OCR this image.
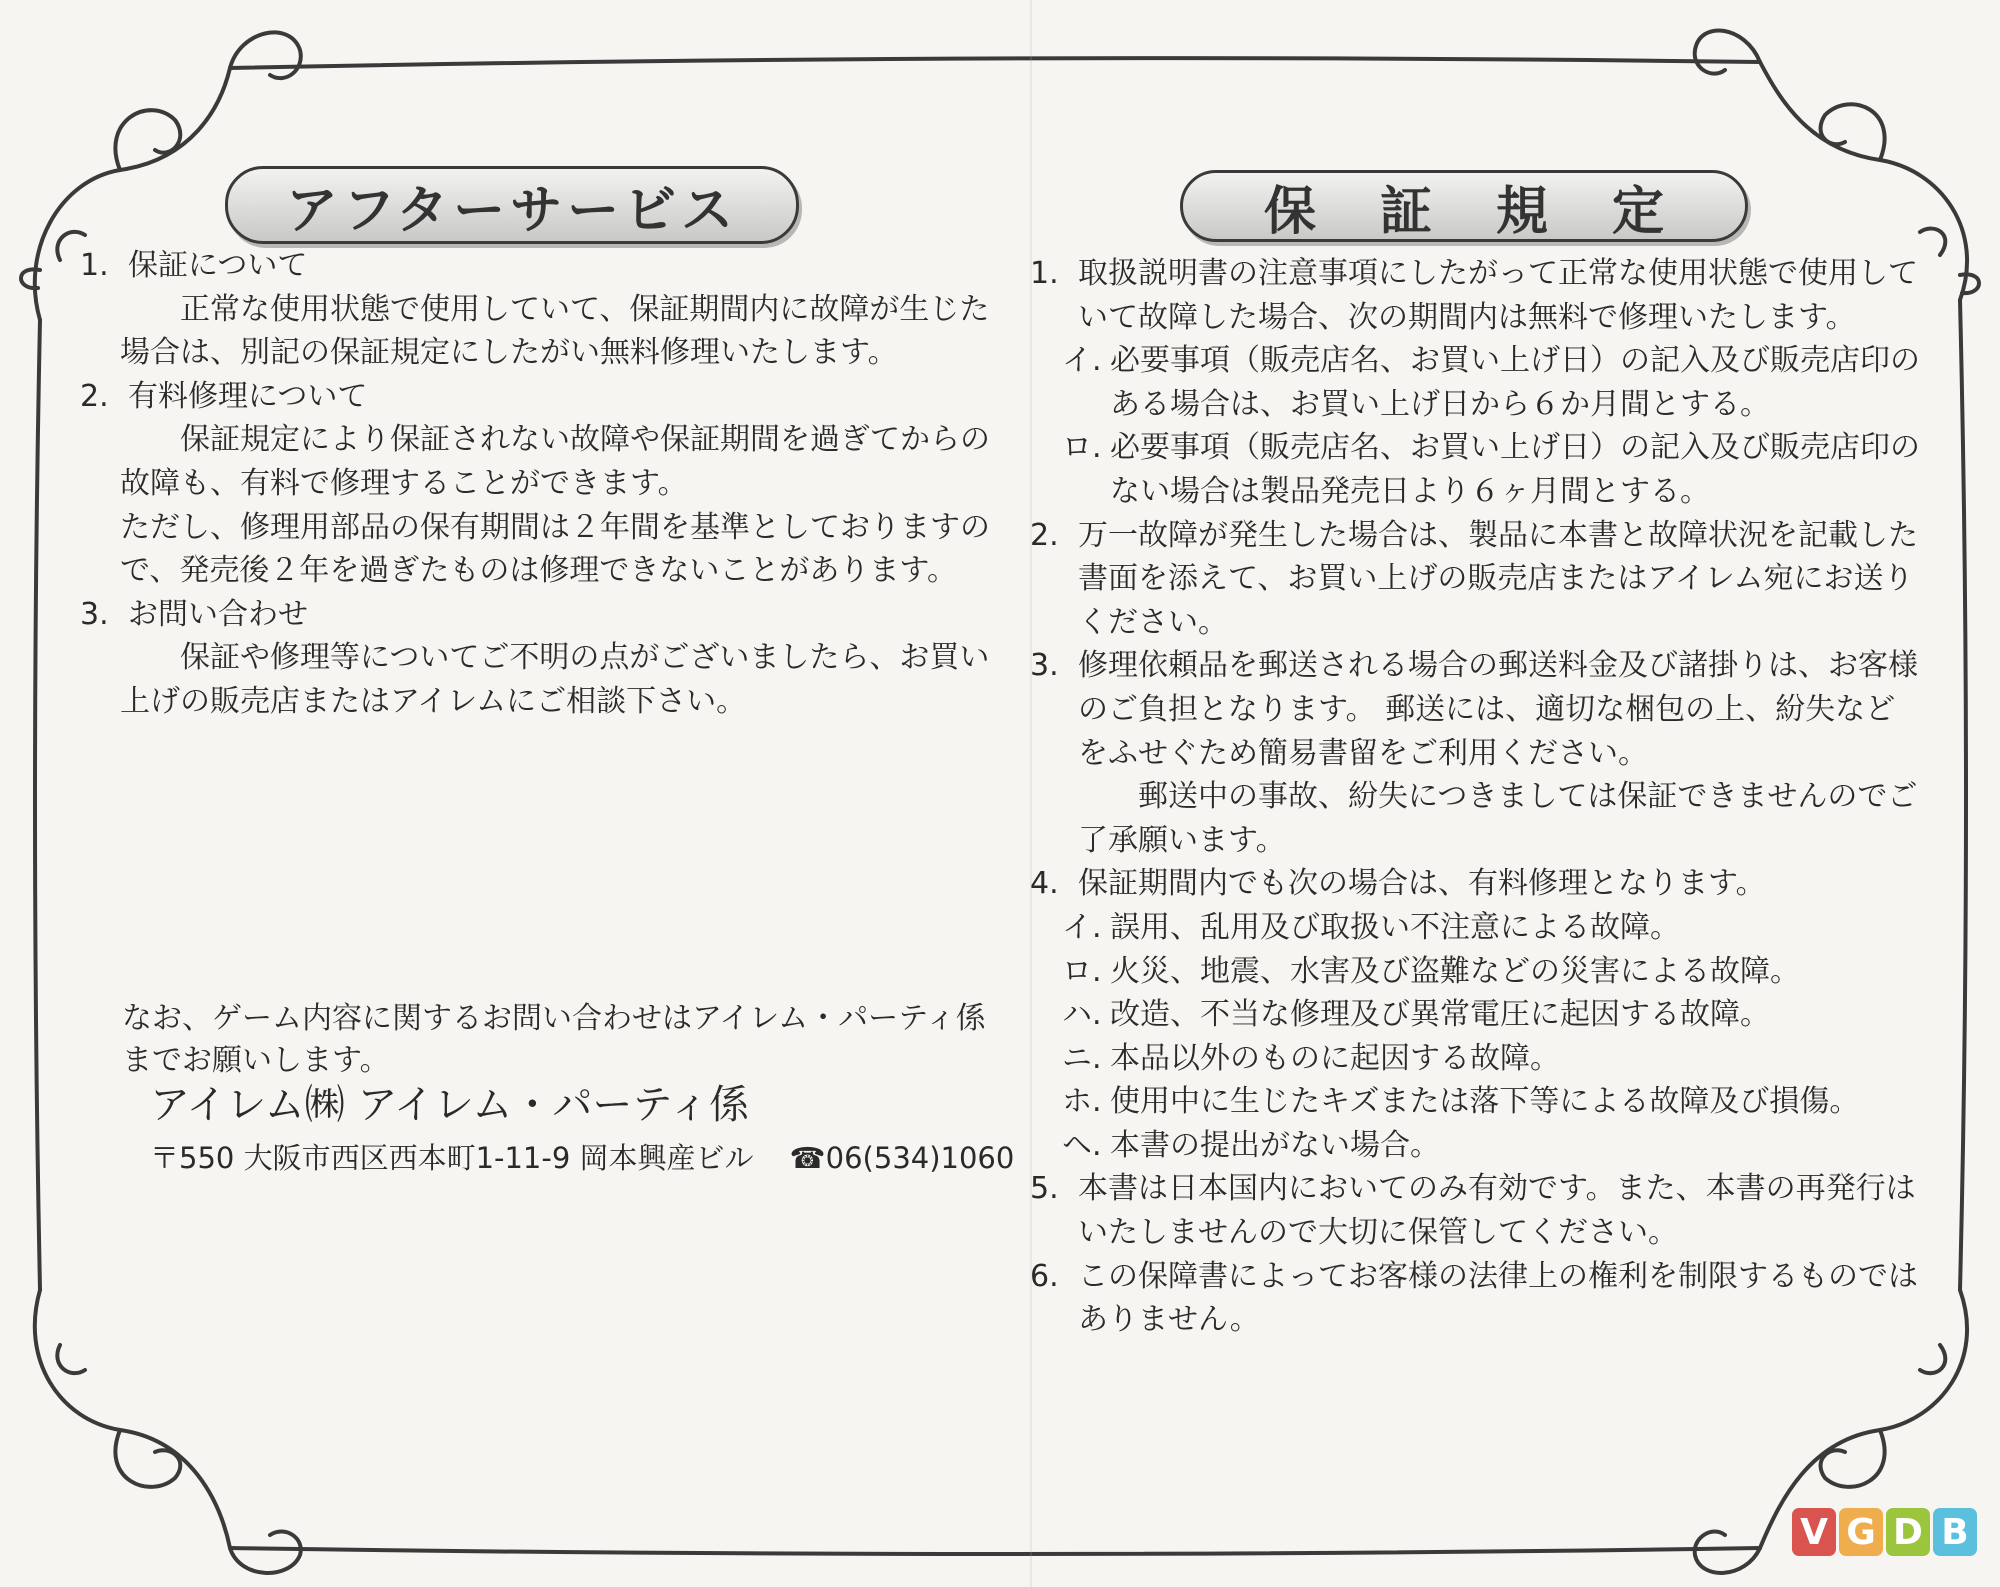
アフターサービス
1. 保証について
正常な使用状態で使用していて、保証期間内に故障が生じた場合は、別記の保証規定にしたがい無料修理いたします。
2. 有料修理について
保証規定により保証されない故障や保証期間を過ぎてからの故障も、有料で修理することができます。
ただし、修理用部品の保有期間は２年間を基準としておりますので、発売後２年を過ぎたものは修理できないことがあります。
3. お問い合わせ
保証や修理等についてご不明の点がございましたら、お買い上げの販売店またはアイレムにご相談下さい。
なお、ゲーム内容に関するお問い合わせはアイレム・パーティ係までお願いします。
アイレム㈱ アイレム・パーティ係
〒550 大阪市西区西本町1-11-9 岡本興産ビル ☎06(534)1060
保証規定
1. 取扱説明書の注意事項にしたがって正常な使用状態で使用していて故障した場合、次の期間内は無料で修理いたします。
イ. 必要事項（販売店名、お買い上げ日）の記入及び販売店印のある場合は、お買い上げ日から６か月間とする。
ロ. 必要事項（販売店名、お買い上げ日）の記入及び販売店印のない場合は製品発売日より６ヶ月間とする。
2. 万一故障が発生した場合は、製品に本書と故障状況を記載した書面を添えて、お買い上げの販売店またはアイレム宛にお送りください。
3. 修理依頼品を郵送される場合の郵送料金及び諸掛りは、お客様のご負担となります。 郵送には、適切な梱包の上、紛失などをふせぐため簡易書留をご利用ください。
郵送中の事故、紛失につきましては保証できませんのでご了承願います。
4. 保証期間内でも次の場合は、有料修理となります。
イ. 誤用、乱用及び取扱い不注意による故障。
ロ. 火災、地震、水害及び盗難などの災害による故障。
ハ. 改造、不当な修理及び異常電圧に起因する故障。
ニ. 本品以外のものに起因する故障。
ホ. 使用中に生じたキズまたは落下等による故障及び損傷。
ヘ. 本書の提出がない場合。
5. 本書は日本国内においてのみ有効です。また、本書の再発行はいたしませんので大切に保管してください。
6. この保障書によってお客様の法律上の権利を制限するものではありません。
V G D B
